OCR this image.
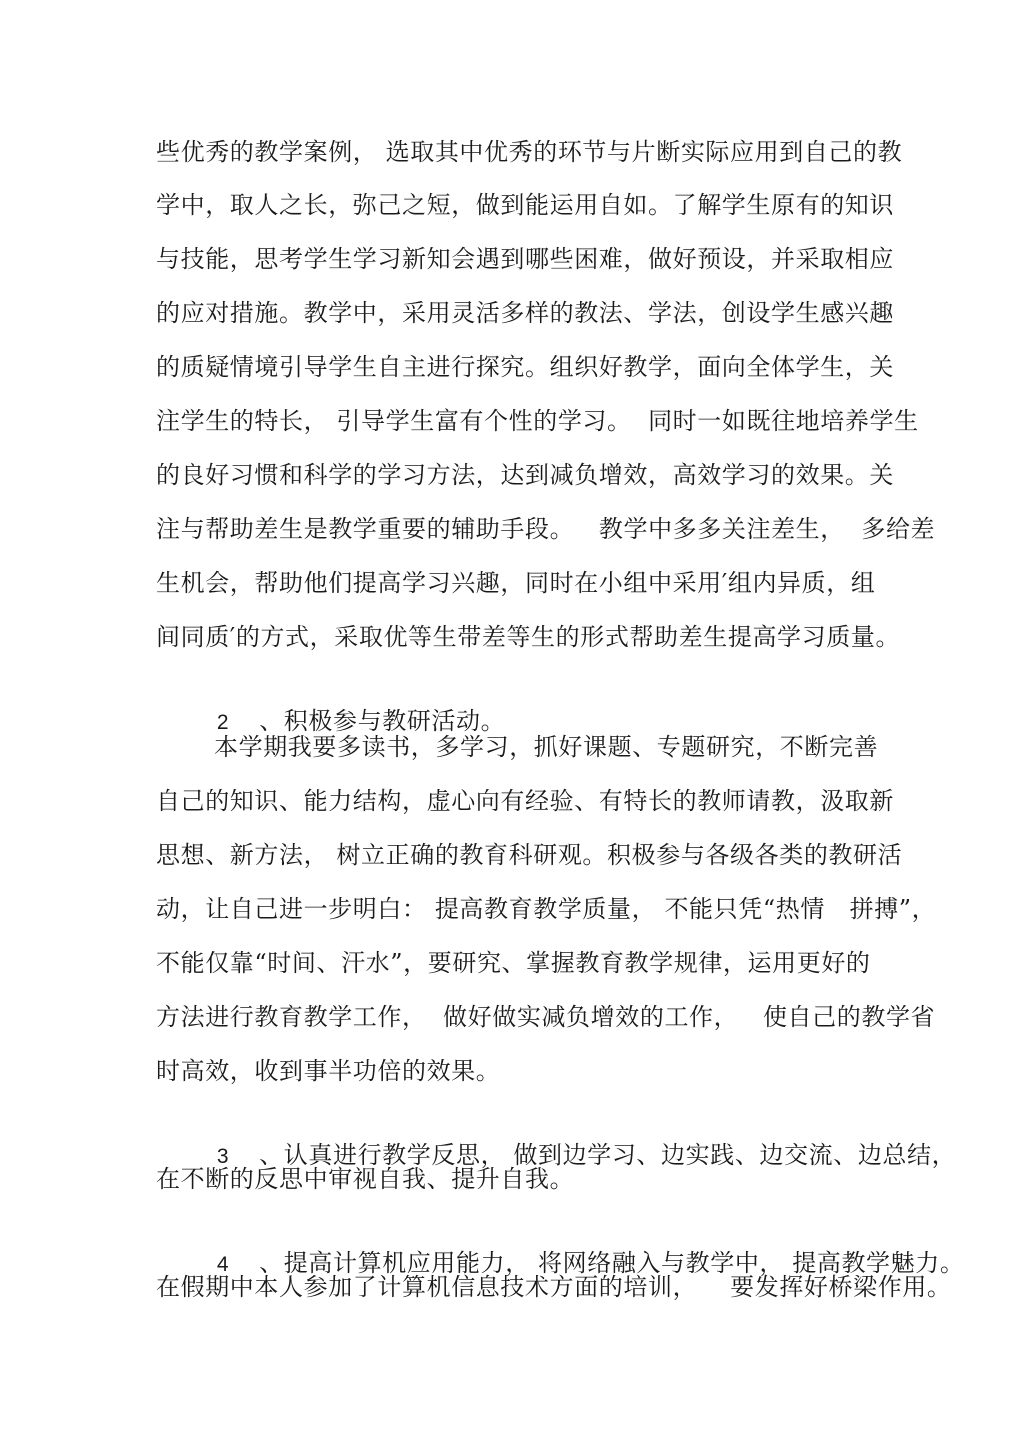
些优秀的教学案例， 选取其中优秀的环节与片断实际应用到自己的教
学中，取人之长，弥己之短，做到能运用自如。了解学生原有的知识
与技能，思考学生学习新知会遇到哪些困难，做好预设，并采取相应
的应对措施。教学中，采用灵活多样的教法、学法，创设学生感兴趣
的质疑情境引导学生自主进行探究。组织好教学，面向全体学生，关
注学生的特长， 引导学生富有个性的学习。  同时一如既往地培养学生
的良好习惯和科学的学习方法，达到减负增效，高效学习的效果。关
注与帮助差生是教学重要的辅助手段。   教学中多多关注差生，  多给差
生机会，帮助他们提高学习兴趣，同时在小组中采用′组内异质，组
间同质′的方式，采取优等生带差等生的形式帮助差生提高学习质量。

2 、积极参与教研活动。

本学期我要多读书，多学习，抓好课题、专题研究，不断完善
自己的知识、能力结构，虚心向有经验、有特长的教师请教，汲取新
思想、新方法， 树立正确的教育科研观。积极参与各级各类的教研活
动，让自己进一步明白： 提高教育教学质量， 不能只凭“热情   拼搏”，
不能仅靠“时间、汗水”，要研究、掌握教育教学规律，运用更好的
方法进行教育教学工作，  做好做实减负增效的工作，   使自己的教学省
时高效，收到事半功倍的效果。

3 、认真进行教学反思， 做到边学习、边实践、边交流、边总结，

在不断的反思中审视自我、提升自我。

4 、提高计算机应用能力， 将网络融入与教学中， 提高教学魅力。

在假期中本人参加了计算机信息技术方面的培训，    要发挥好桥梁作用。
